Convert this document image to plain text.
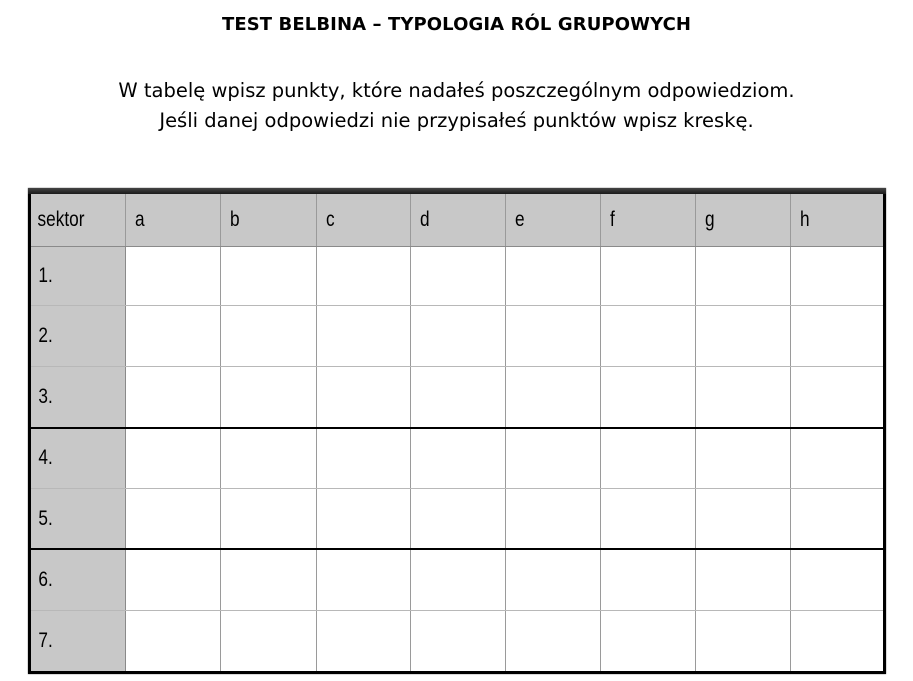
TEST BELBINA – TYPOLOGIA RÓL GRUPOWYCH
W tabelę wpisz punkty, które nadałeś poszczególnym odpowiedziom.
Jeśli danej odpowiedzi nie przypisałeś punktów wpisz kreskę.
sektor	a	b	c	d	e	f	g	h
1.								
2.								
3.								
4.								
5.								
6.								
7.								
